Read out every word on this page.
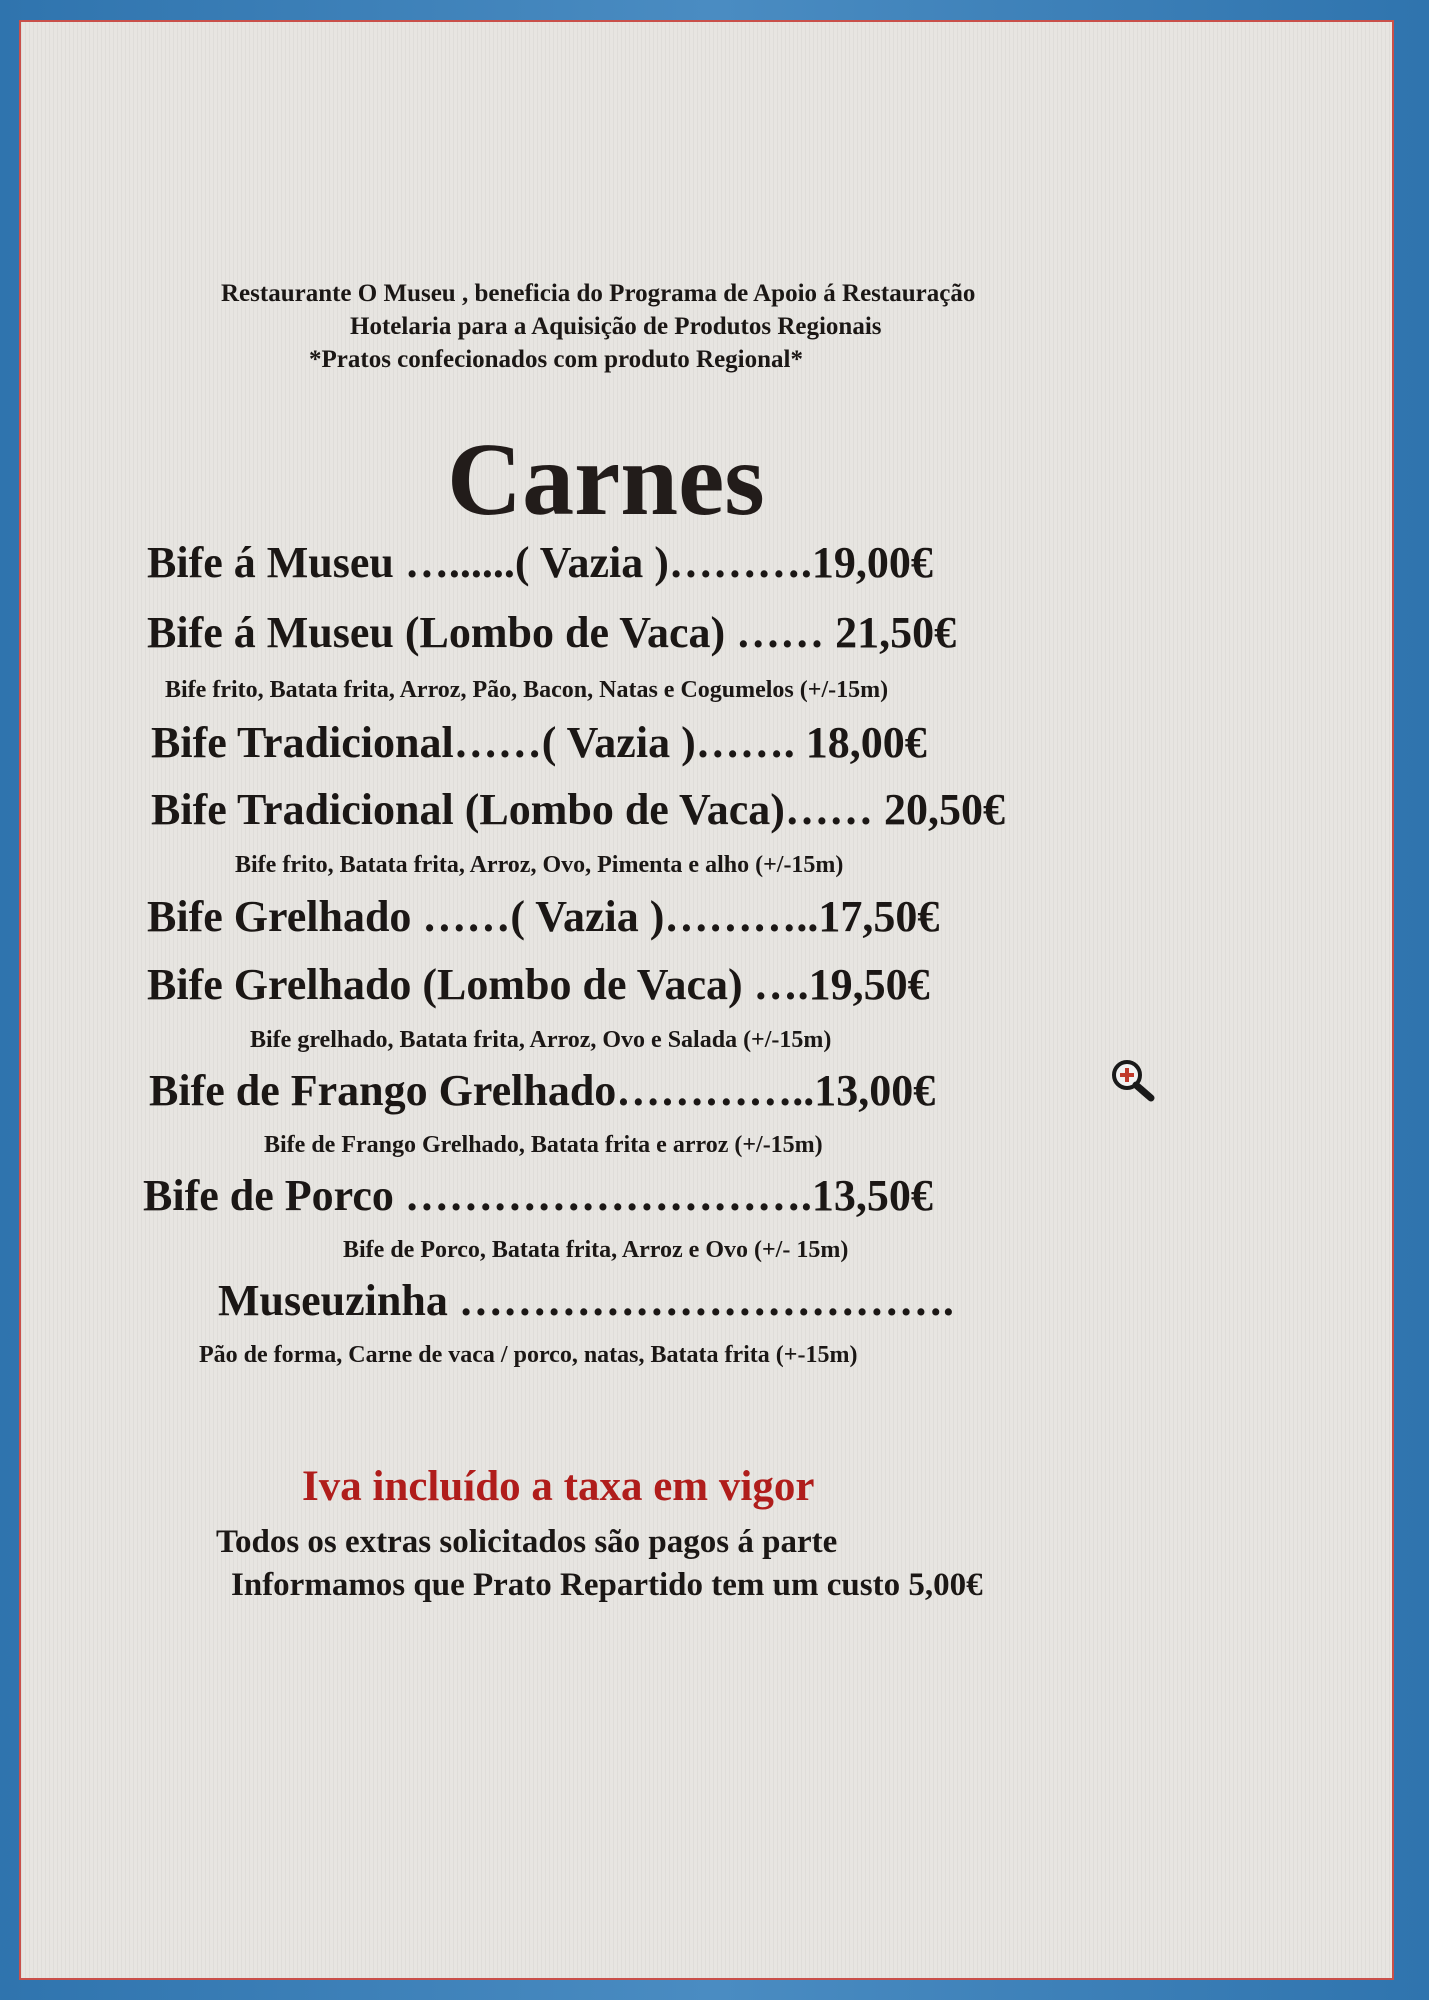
Restaurante O Museu , beneficia do Programa de Apoio á Restauração
Hotelaria para a Aquisição de Produtos Regionais
*Pratos confecionados com produto Regional*
Carnes
Bife á Museu …......( Vazia )……….19,00€
Bife á Museu (Lombo de Vaca) …… 21,50€
Bife frito, Batata frita, Arroz, Pão, Bacon, Natas e Cogumelos (+/-15m)
Bife Tradicional……( Vazia )……. 18,00€
Bife Tradicional (Lombo de Vaca)…… 20,50€
Bife frito, Batata frita, Arroz, Ovo, Pimenta e alho (+/-15m)
Bife Grelhado ……( Vazia )………..17,50€
Bife Grelhado (Lombo de Vaca) ….19,50€
Bife grelhado, Batata frita, Arroz, Ovo e Salada (+/-15m)
Bife de Frango Grelhado…………..13,00€
Bife de Frango Grelhado, Batata frita e arroz (+/-15m)
Bife de Porco ……………………….13,50€
Bife de Porco, Batata frita, Arroz e Ovo (+/- 15m)
Museuzinha …………………………….
Pão de forma, Carne de vaca / porco, natas, Batata frita (+-15m)
Iva incluído a taxa em vigor
Todos os extras solicitados são pagos á parte
Informamos que Prato Repartido tem um custo 5,00€
